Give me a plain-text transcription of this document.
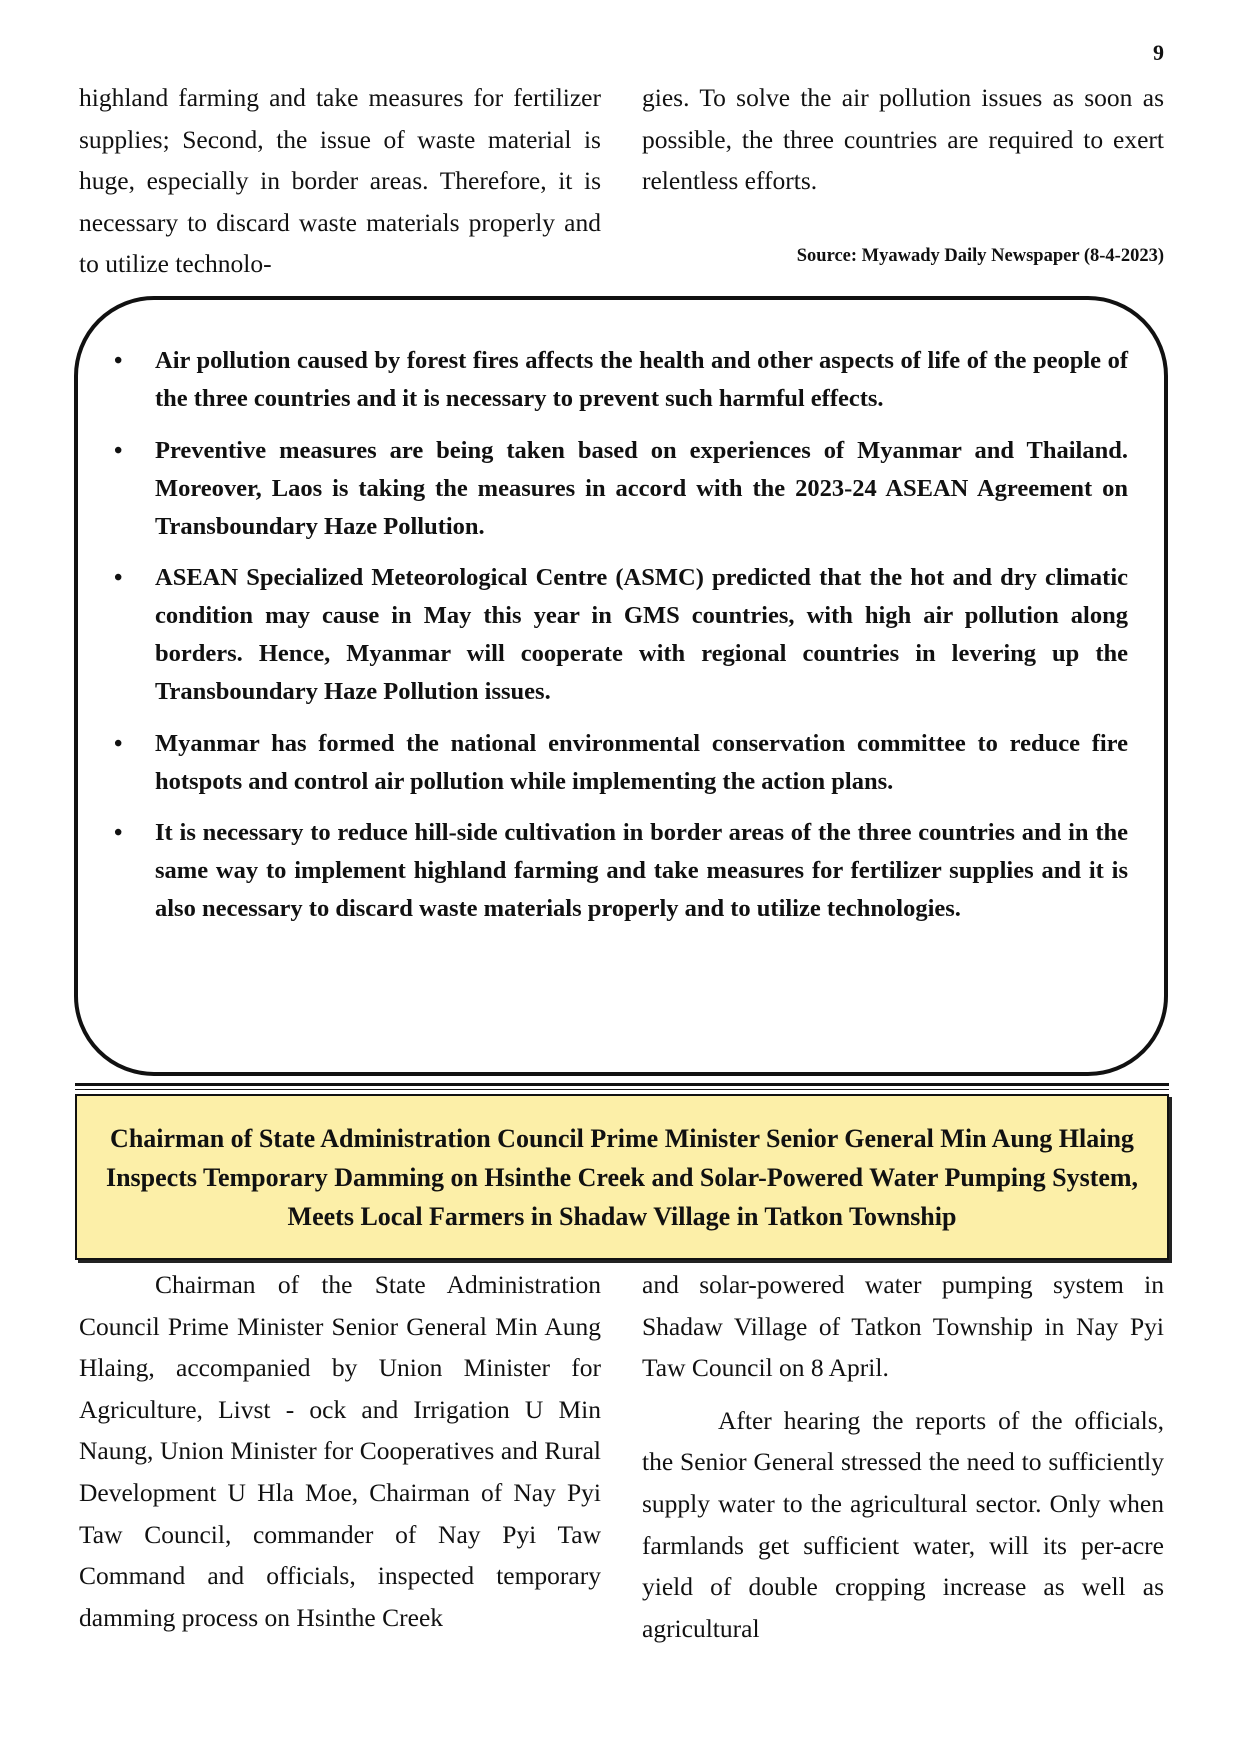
9

highland farming and take measures for fertilizer supplies; Second, the issue of waste material is huge, especially in border areas. Therefore, it is necessary to discard waste materials properly and to utilize technolo-

gies. To solve the air pollution issues as soon as possible, the three countries are required to exert relentless efforts.

Source: Myawady Daily Newspaper (8-4-2023)
• Air pollution caused by forest fires affects the health and other aspects of life of the people of the three countries and it is necessary to prevent such harmful effects.
• Preventive measures are being taken based on experiences of Myanmar and Thailand. Moreover, Laos is taking the measures in accord with the 2023-24 ASEAN Agreement on Transboundary Haze Pollution.
• ASEAN Specialized Meteorological Centre (ASMC) predicted that the hot and dry climatic condition may cause in May this year in GMS countries, with high air pollution along borders. Hence, Myanmar will cooperate with regional countries in levering up the Transboundary Haze Pollution issues.
• Myanmar has formed the national environmental conservation committee to reduce fire hotspots and control air pollution while implementing the action plans.
• It is necessary to reduce hill-side cultivation in border areas of the three countries and in the same way to implement highland farming and take measures for fertilizer supplies and it is also necessary to discard waste materials properly and to utilize technologies.
Chairman of State Administration Council Prime Minister Senior General Min Aung Hlaing Inspects Temporary Damming on Hsinthe Creek and Solar-Powered Water Pumping System, Meets Local Farmers in Shadaw Village in Tatkon Township

Chairman of the State Administration Council Prime Minister Senior General Min Aung Hlaing, accompanied by Union Minister for Agriculture, Livst - ock and Irrigation U Min Naung, Union Minister for Cooperatives and Rural Development U Hla Moe, Chairman of Nay Pyi Taw Council, commander of Nay Pyi Taw Command and officials, inspected temporary damming process on Hsinthe Creek

and solar-powered water pumping system in Shadaw Village of Tatkon Township in Nay Pyi Taw Council on 8 April.

After hearing the reports of the officials, the Senior General stressed the need to sufficiently supply water to the agricultural sector. Only when farmlands get sufficient water, will its per-acre yield of double cropping increase as well as agricultural
